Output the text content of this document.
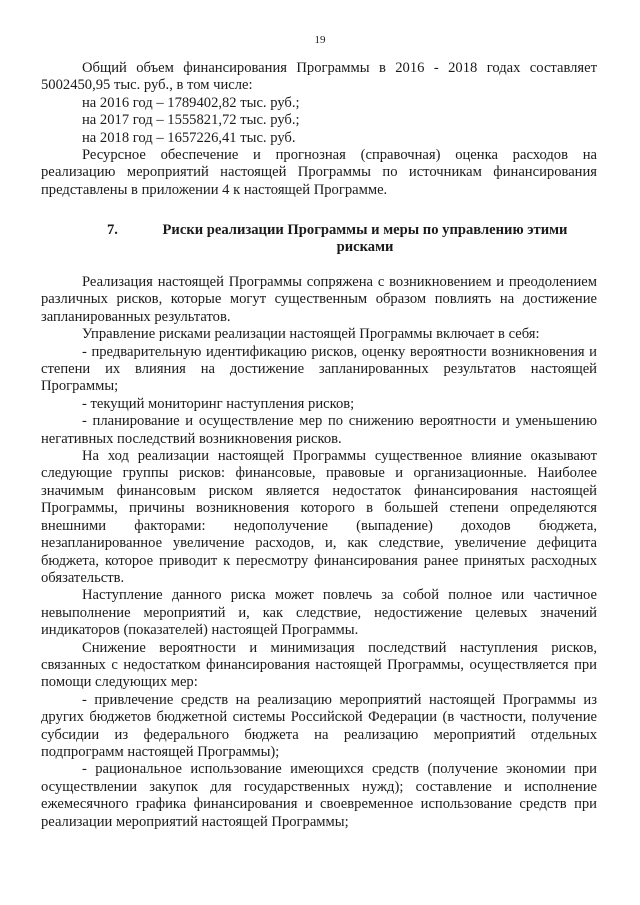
19

Общий объем финансирования Программы в 2016 - 2018 годах составляет 5002450,95 тыс. руб., в том числе:

на 2016 год – 1789402,82 тыс. руб.;

на 2017 год – 1555821,72 тыс. руб.;

на 2018 год – 1657226,41 тыс. руб.

Ресурсное обеспечение и прогнозная (справочная) оценка расходов на реализацию мероприятий настоящей Программы по источникам финансирования представлены в приложении 4 к настоящей Программе.

7.	Риски реализации Программы и меры по управлению этими рисками

Реализация настоящей Программы сопряжена с возникновением и преодолением различных рисков, которые могут существенным образом повлиять на достижение запланированных результатов.

Управление рисками реализации настоящей Программы включает в себя:

- предварительную идентификацию рисков, оценку вероятности возникновения и степени их влияния на достижение запланированных результатов настоящей Программы;

- текущий мониторинг наступления рисков;

- планирование и осуществление мер по снижению вероятности и уменьшению негативных последствий возникновения рисков.

На ход реализации настоящей Программы существенное влияние оказывают следующие группы рисков: финансовые, правовые и организационные. Наиболее значимым финансовым риском является недостаток финансирования настоящей Программы, причины возникновения которого в большей степени определяются внешними факторами: недополучение (выпадение) доходов бюджета, незапланированное увеличение расходов, и, как следствие, увеличение дефицита бюджета, которое приводит к пересмотру финансирования ранее принятых расходных обязательств.

Наступление данного риска может повлечь за собой полное или частичное невыполнение мероприятий и, как следствие, недостижение целевых значений индикаторов (показателей) настоящей Программы.

Снижение вероятности и минимизация последствий наступления рисков, связанных с недостатком финансирования настоящей Программы, осуществляется при помощи следующих мер:

- привлечение средств на реализацию мероприятий настоящей Программы из других бюджетов бюджетной системы Российской Федерации (в частности, получение субсидии из федерального бюджета на реализацию мероприятий отдельных подпрограмм настоящей Программы);

- рациональное использование имеющихся средств (получение экономии при осуществлении закупок для государственных нужд); составление и исполнение ежемесячного графика финансирования и своевременное использование средств при реализации мероприятий настоящей Программы;
